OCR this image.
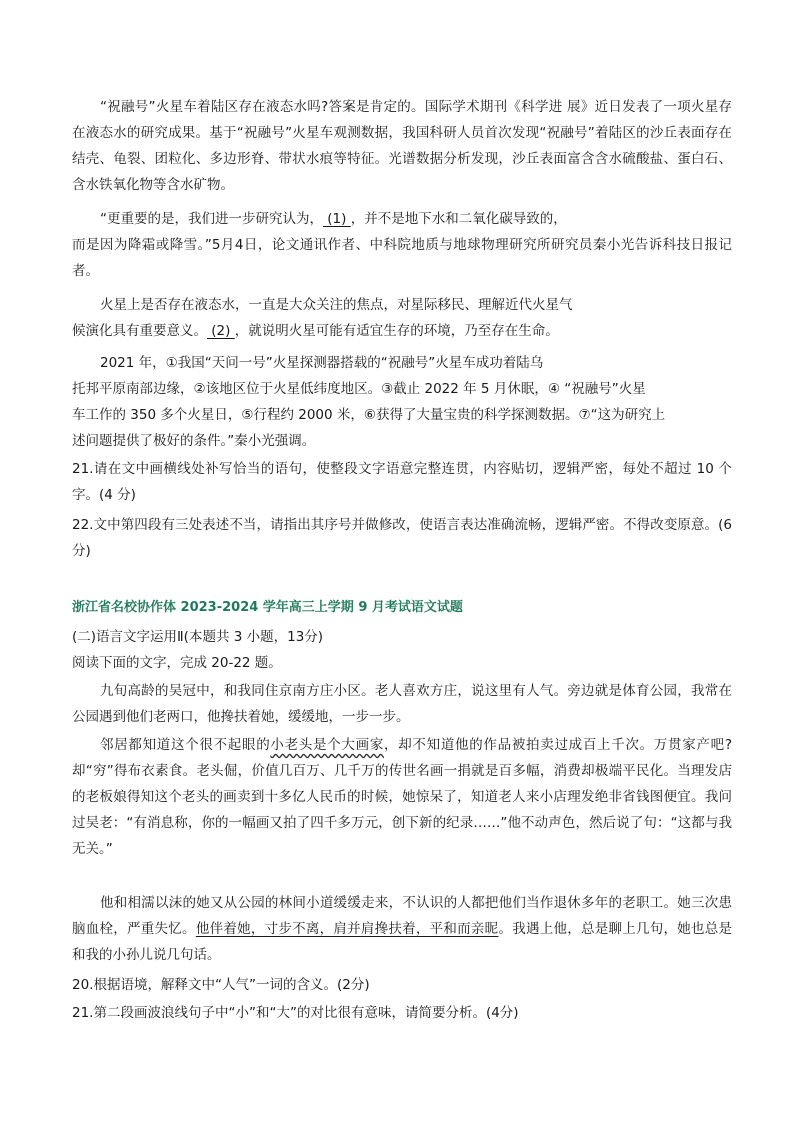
“祝融号”火星车着陆区存在液态水吗?答案是肯定的。国际学术期刊《科学进 展》近日发表了一项火星存在液态水的研究成果。基于“祝融号”火星车观测数据，我国科研人员首次发现“祝融号”着陆区的沙丘表面存在结壳、龟裂、团粒化、多边形脊、带状水痕等特征。光谱数据分析发现，沙丘表面富含含水硫酸盐、蛋白石、含水铁氧化物等含水矿物。

“更重要的是，我们进一步研究认为， (1) ，并不是地下水和二氧化碳导致的，

而是因为降霜或降雪。”5月4日，论文通讯作者、中科院地质与地球物理研究所研究员秦小光告诉科技日报记者。

火星上是否存在液态水，一直是大众关注的焦点，对星际移民、理解近代火星气

候演化具有重要意义。 (2) ，就说明火星可能有适宜生存的环境，乃至存在生命。

2021 年，①我国“天问一号”火星探测器搭载的“祝融号”火星车成功着陆乌

托邦平原南部边缘，②该地区位于火星低纬度地区。③截止 2022 年 5 月休眠，④ “祝融号”火星

车工作的 350 多个火星日，⑤行程约 2000 米，⑥获得了大量宝贵的科学探测数据。⑦“这为研究上

述问题提供了极好的条件。”秦小光强调。

21.请在文中画横线处补写恰当的语句，使整段文字语意完整连贯，内容贴切，逻辑严密，每处不超过 10 个字。(4 分)

22.文中第四段有三处表述不当，请指出其序号并做修改，使语言表达准确流畅，逻辑严密。不得改变原意。(6 分)

浙江省名校协作体 2023-2024 学年高三上学期 9 月考试语文试题

(二)语言文字运用Ⅱ(本题共 3 小题，13分)

阅读下面的文字，完成 20-22 题。

九旬高龄的吴冠中，和我同住京南方庄小区。老人喜欢方庄，说这里有人气。旁边就是体育公园，我常在公园遇到他们老两口，他搀扶着她，缓缓地，一步一步。

邻居都知道这个很不起眼的小老头是个大画家，却不知道他的作品被拍卖过成百上千次。万贯家产吧?却“穷”得布衣素食。老头倔，价值几百万、几千万的传世名画一捐就是百多幅，消费却极端平民化。当理发店的老板娘得知这个老头的画卖到十多亿人民币的时候，她惊呆了，知道老人来小店理发绝非省钱图便宜。我问过吴老：“有消息称，你的一幅画又拍了四千多万元，创下新的纪录……”他不动声色，然后说了句：“这都与我无关。”

他和相濡以沫的她又从公园的林间小道缓缓走来，不认识的人都把他们当作退休多年的老职工。她三次患脑血栓，严重失忆。他伴着她，寸步不离，肩并肩搀扶着，平和而亲昵。我遇上他，总是聊上几句，她也总是和我的小孙儿说几句话。

20.根据语境，解释文中“人气”一词的含义。(2分)

21.第二段画波浪线句子中“小”和“大”的对比很有意味，请简要分析。(4分)
